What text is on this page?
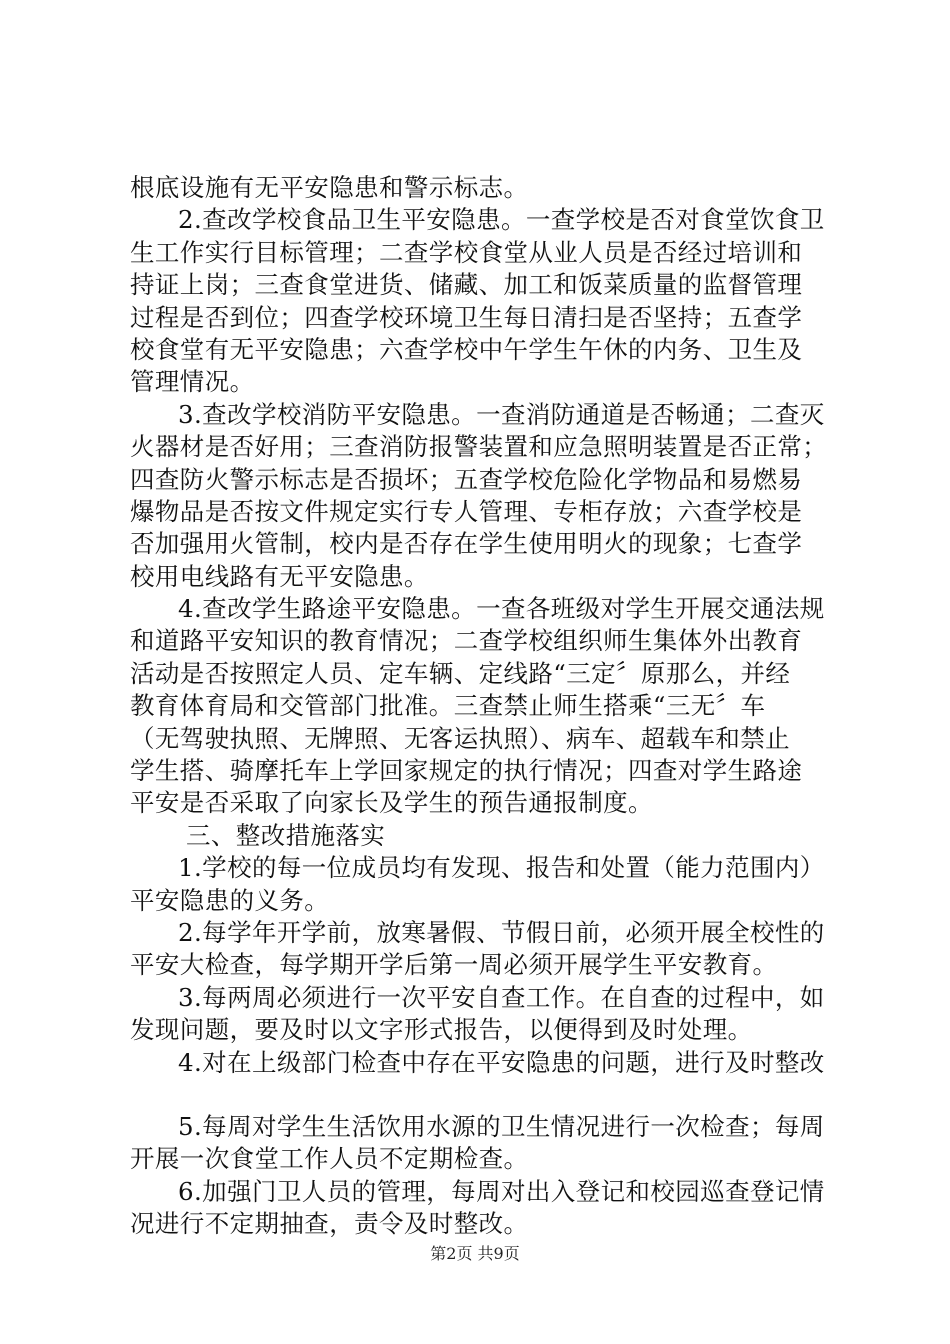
根底设施有无平安隐患和警示标志。
2.查改学校食品卫生平安隐患。一查学校是否对食堂饮食卫
生工作实行目标管理；二查学校食堂从业人员是否经过培训和
持证上岗；三查食堂进货、储藏、加工和饭菜质量的监督管理
过程是否到位；四查学校环境卫生每日清扫是否坚持；五查学
校食堂有无平安隐患；六查学校中午学生午休的内务、卫生及
管理情况。
3.查改学校消防平安隐患。一查消防通道是否畅通；二查灭
火器材是否好用；三查消防报警装置和应急照明装置是否正常；
四查防火警示标志是否损坏；五查学校危险化学物品和易燃易
爆物品是否按文件规定实行专人管理、专柜存放；六查学校是
否加强用火管制，校内是否存在学生使用明火的现象；七查学
校用电线路有无平安隐患。
4.查改学生路途平安隐患。一查各班级对学生开展交通法规
和道路平安知识的教育情况；二查学校组织师生集体外出教育
活动是否按照定人员、定车辆、定线路“三定〞原那么，并经
教育体育局和交管部门批准。三查禁止师生搭乘“三无〞车
（无驾驶执照、无牌照、无客运执照）、病车、超载车和禁止
学生搭、骑摩托车上学回家规定的执行情况；四查对学生路途
平安是否采取了向家长及学生的预告通报制度。
三、整改措施落实
1.学校的每一位成员均有发现、报告和处置（能力范围内）
平安隐患的义务。
2.每学年开学前，放寒暑假、节假日前，必须开展全校性的
平安大检查，每学期开学后第一周必须开展学生平安教育。
3.每两周必须进行一次平安自查工作。在自查的过程中，如
发现问题，要及时以文字形式报告，以便得到及时处理。
4.对在上级部门检查中存在平安隐患的问题，进行及时整改
5.每周对学生生活饮用水源的卫生情况进行一次检查；每周
开展一次食堂工作人员不定期检查。
6.加强门卫人员的管理，每周对出入登记和校园巡查登记情
况进行不定期抽查，责令及时整改。
第2页 共9页
